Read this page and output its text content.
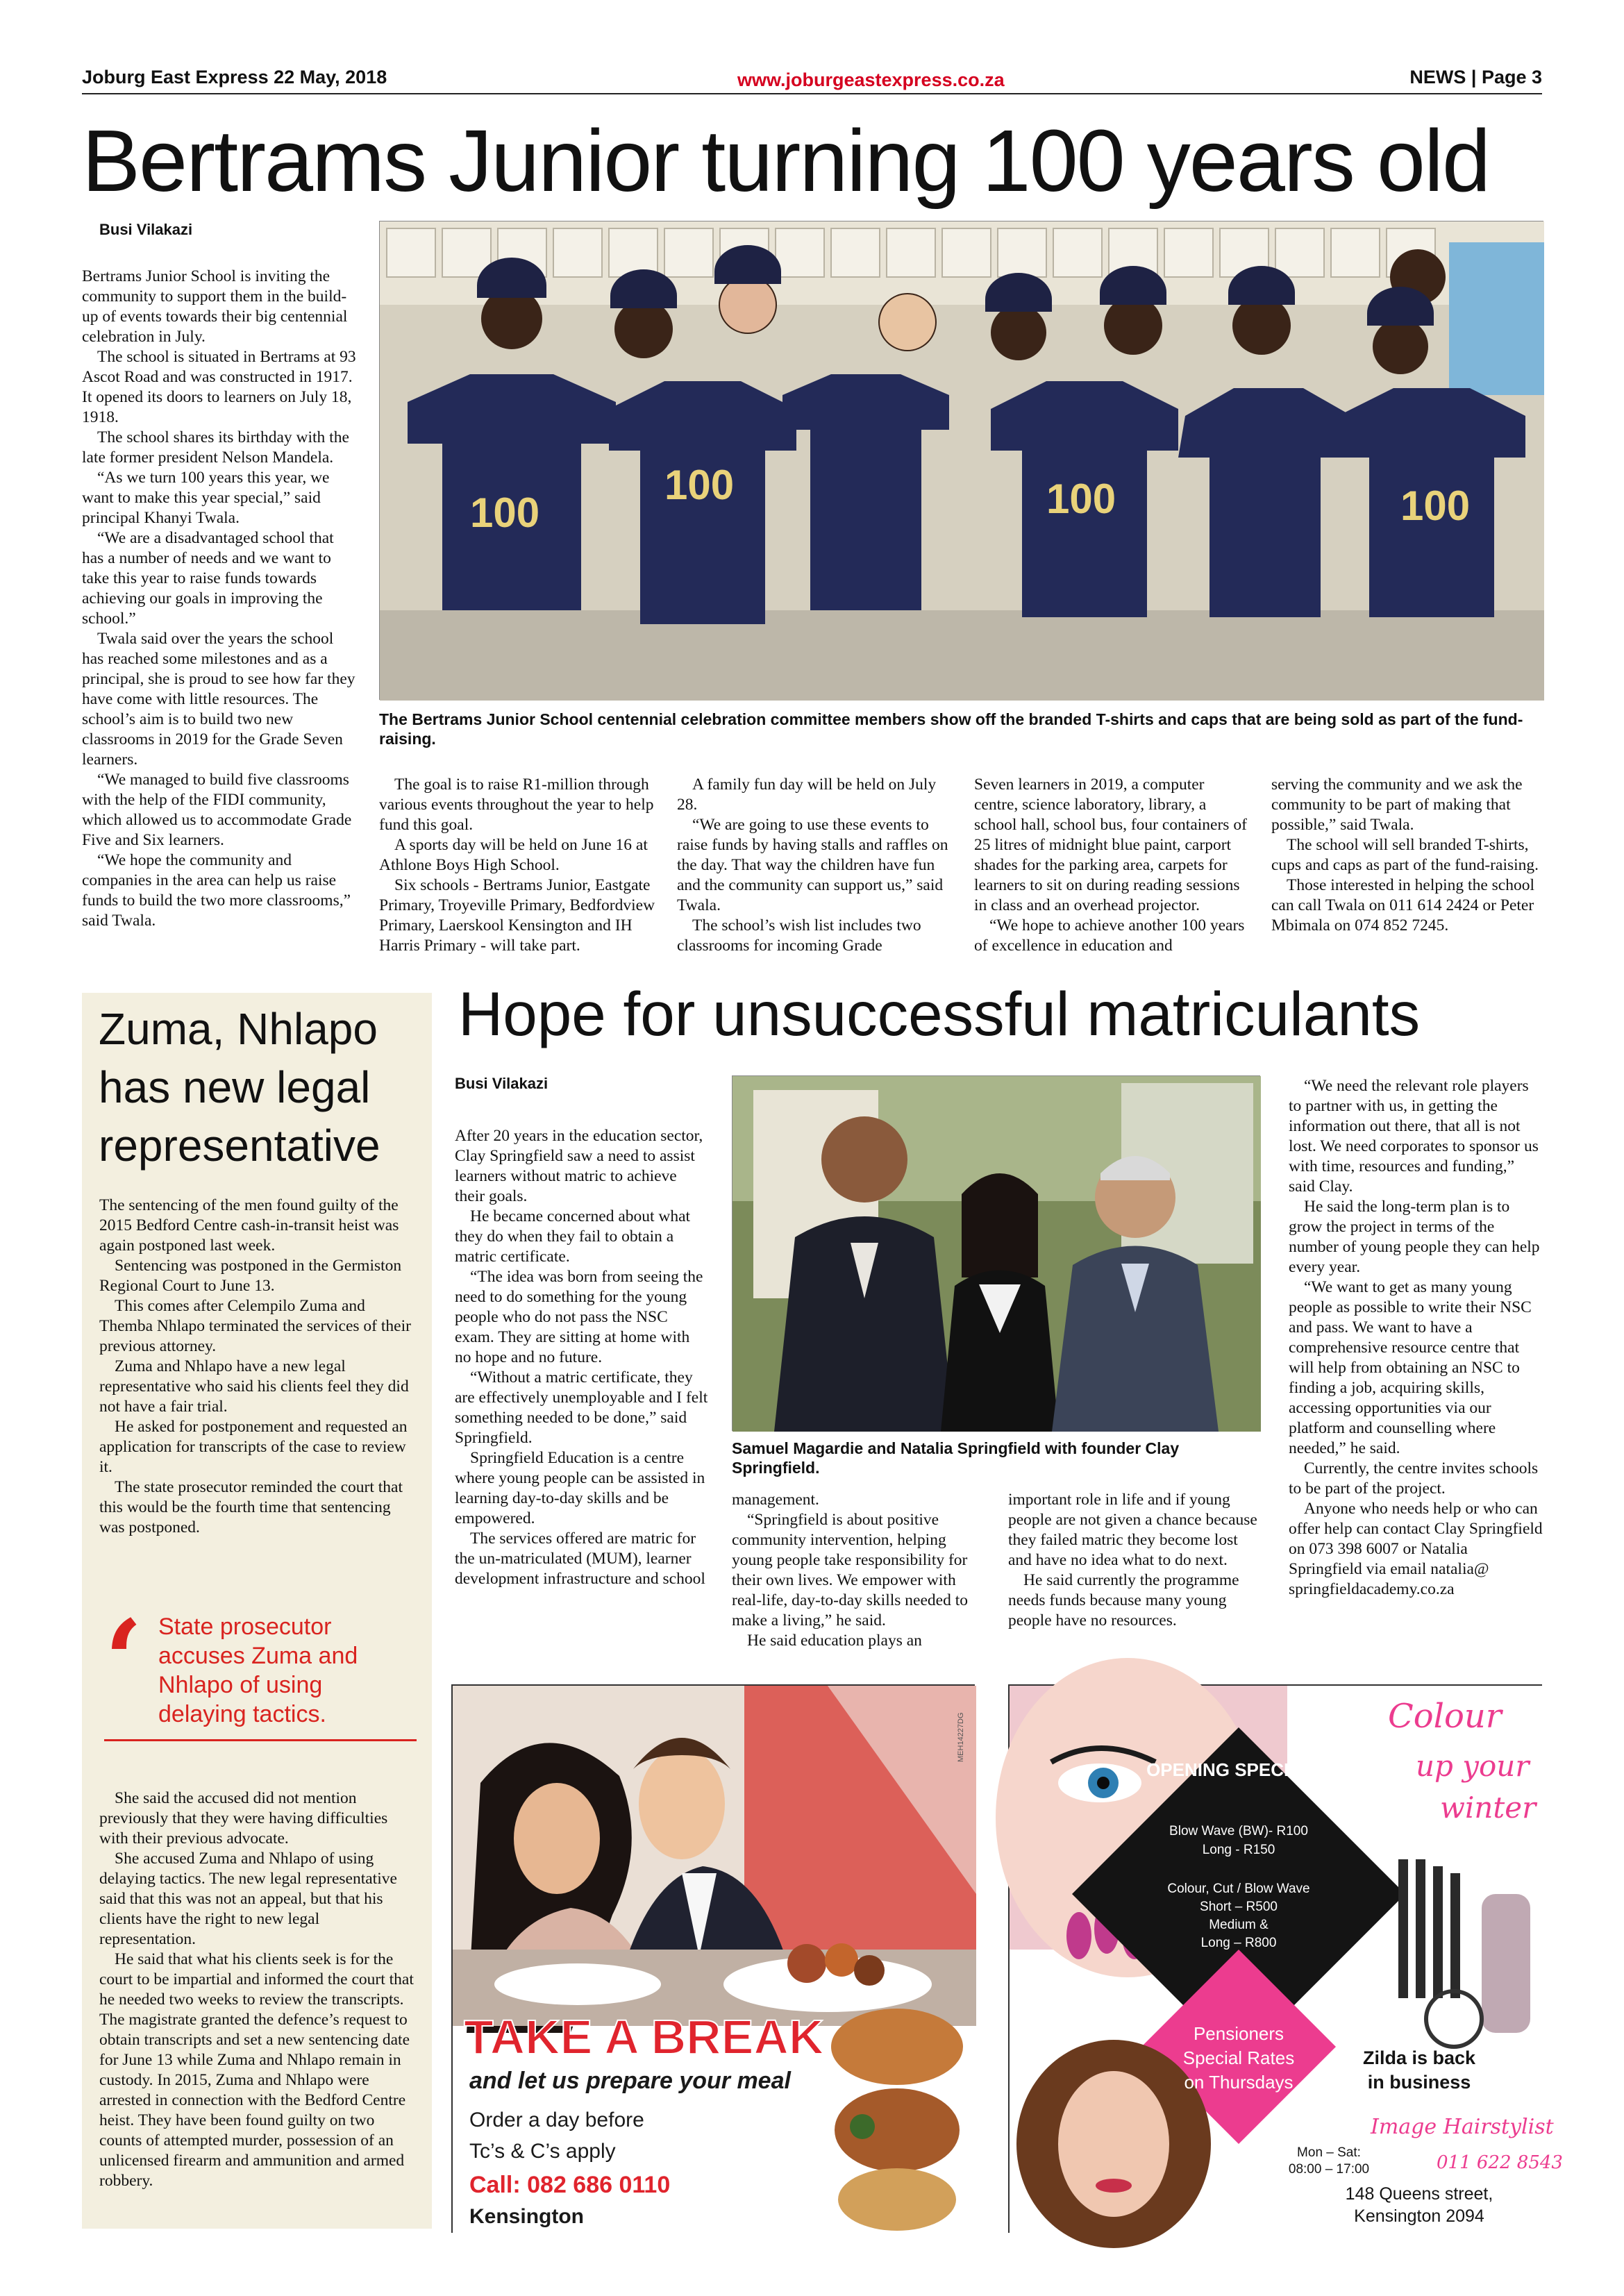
Joburg East Express 22 May, 2018	www.joburgeastexpress.co.za	NEWS | Page 3
Bertrams Junior turning 100 years old
Busi Vilakazi

Bertrams Junior School is inviting the community to support them in the build-up of events towards their big centennial celebration in July.

The school is situated in Bertrams at 93 Ascot Road and was constructed in 1917. It opened its doors to learners on July 18, 1918.

The school shares its birthday with the late former president Nelson Mandela.

“As we turn 100 years this year, we want to make this year special,” said principal Khanyi Twala.

“We are a disadvantaged school that has a number of needs and we want to take this year to raise funds towards achieving our goals in improving the school.”

Twala said over the years the school has reached some milestones and as a principal, she is proud to see how far they have come with little resources. The school’s aim is to build two new classrooms in 2019 for the Grade Seven learners.

“We managed to build five classrooms with the help of the FIDI community, which allowed us to accommodate Grade Five and Six learners.

“We hope the community and companies in the area can help us raise funds to build the two more classrooms,” said Twala.

100
100	100	100
The Bertrams Junior School centennial celebration committee members show off the branded T-shirts and caps that are being sold as part of the fund-raising.

The goal is to raise R1-million through various events throughout the year to help fund this goal.

A sports day will be held on June 16 at Athlone Boys High School.

Six schools - Bertrams Junior, Eastgate Primary, Troyeville Primary, Bedfordview Primary, Laerskool Kensington and IH Harris Primary - will take part.

A family fun day will be held on July 28.

“We are going to use these events to raise funds by having stalls and raffles on the day. That way the children have fun and the community can support us,” said Twala.

The school’s wish list includes two classrooms for incoming Grade

Seven learners in 2019, a computer centre, science laboratory, library, a school hall, school bus, four containers of 25 litres of midnight blue paint, carport shades for the parking area, carpets for learners to sit on during reading sessions in class and an overhead projector.

“We hope to achieve another 100 years of excellence in education and

serving the community and we ask the community to be part of making that possible,” said Twala.

The school will sell branded T-shirts, cups and caps as part of the fund-raising.

Those interested in helping the school can call Twala on 011 614 2424 or Peter Mbimala on 074 852 7245.

Zuma, Nhlapo has new legal representative

The sentencing of the men found guilty of the 2015 Bedford Centre cash-in-transit heist was again postponed last week.

Sentencing was postponed in the Germiston Regional Court to June 13.

This comes after Celempilo Zuma and Themba Nhlapo terminated the services of their previous attorney.

Zuma and Nhlapo have a new legal representative who said his clients feel they did not have a fair trial.

He asked for postponement and requested an application for transcripts of the case to review it.

The state prosecutor reminded the court that this would be the fourth time that sentencing was postponed.

‘ State prosecutor accuses Zuma and Nhlapo of using delaying tactics.

She said the accused did not mention previously that they were having difficulties with their previous advocate.

She accused Zuma and Nhlapo of using delaying tactics. The new legal representative said that this was not an appeal, but that his clients have the right to new legal representation.

He said that what his clients seek is for the court to be impartial and informed the court that he needed two weeks to review the transcripts. The magistrate granted the defence’s request to obtain transcripts and set a new sentencing date for June 13 while Zuma and Nhlapo remain in custody. In 2015, Zuma and Nhlapo were arrested in connection with the Bedford Centre heist. They have been found guilty on two counts of attempted murder, possession of an unlicensed firearm and ammunition and armed robbery.

Hope for unsuccessful matriculants
Busi Vilakazi

After 20 years in the education sector, Clay Springfield saw a need to assist learners without matric to achieve their goals.

He became concerned about what they do when they fail to obtain a matric certificate.

“The idea was born from seeing the need to do something for the young people who do not pass the NSC exam. They are sitting at home with no hope and no future.

“Without a matric certificate, they are effectively unemployable and I felt something needed to be done,” said Springfield.

Springfield Education is a centre where young people can be assisted in learning day-to-day skills and be empowered.

The services offered are matric for the un-matriculated (MUM), learner development infrastructure and school

Samuel Magardie and Natalia Springfield with founder Clay Springfield.

management.

“Springfield is about positive community intervention, helping young people take responsibility for their own lives. We empower with real-life, day-to-day skills needed to make a living,” he said.

He said education plays an

important role in life and if young people are not given a chance because they failed matric they become lost and have no idea what to do next.

He said currently the programme needs funds because many young people have no resources.

“We need the relevant role players to partner with us, in getting the information out there, that all is not lost. We need corporates to sponsor us with time, resources and funding,” said Clay.

He said the long-term plan is to grow the project in terms of the number of young people they can help every year.

“We want to get as many young people as possible to write their NSC and pass. We want to have a comprehensive resource centre that will help from obtaining an NSC to finding a job, acquiring skills, accessing opportunities via our platform and counselling where needed,” he said.

Currently, the centre invites schools to be part of the project.

Anyone who needs help or who can offer help can contact Clay Springfield on 073 398 6007 or Natalia Springfield via email natalia@ springfieldacademy.co.za

MEH14227DG
TAKE A BREAK
and let us prepare your meal
Order a day before
Tc’s & C’s apply
Call: 082 686 0110
Kensington
OPENING SPECIALS:
Blow Wave (BW)- R100
Long - R150
Colour, Cut / Blow Wave
Short – R500
Medium &
Long – R800
Colour
up your
winter
Pensioners
Special Rates
on Thursdays
Zilda is back
in business
Image Hairstylist
011 622 8543
Mon – Sat:
08:00 – 17:00
148 Queens street,
Kensington 2094
